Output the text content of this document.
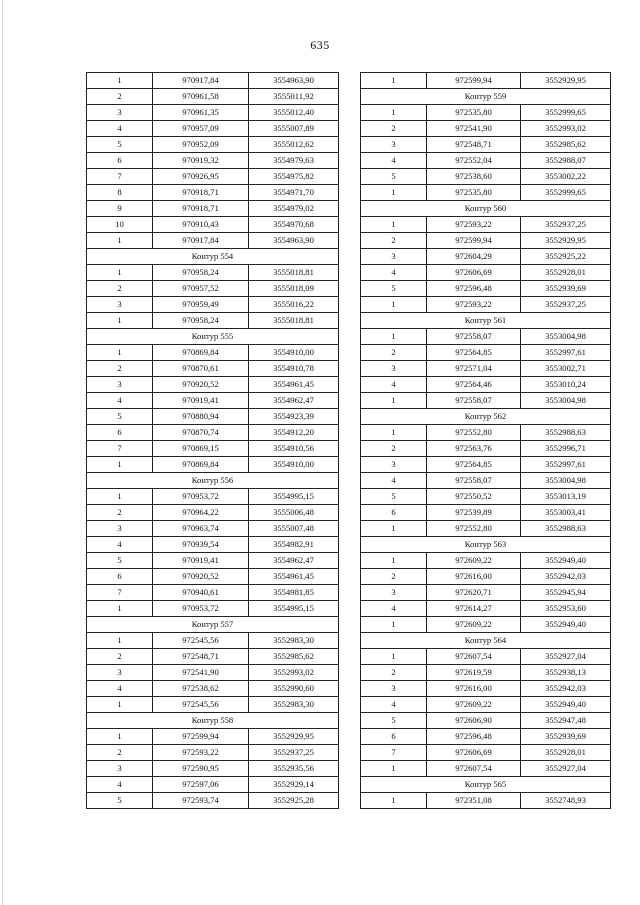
635
1	970917,84	3554963,90
2	970961,58	3555011,92
3	970961,35	3555012,40
4	970957,09	3555007,89
5	970952,09	3555012,62
6	970919,32	3554979,63
7	970926,95	3554975,82
8	970918,71	3554971,70
9	970918,71	3554979,02
10	970910,43	3554970,68
1	970917,84	3554963,90
Контур 554		
1	970958,24	3555018,81
2	970957,52	3555018,09
3	970959,49	3555016,22
1	970958,24	3555018,81
Контур 555		
1	970869,84	3554910,00
2	970870,61	3554910,78
3	970920,52	3554961,45
4	970919,41	3554962,47
5	970880,94	3554923,39
6	970870,74	3554912,20
7	970869,15	3554910,56
1	970869,84	3554910,00
Контур 556		
1	970953,72	3554995,15
2	970964,22	3555006,48
3	970963,74	3555007,48
4	970939,54	3554982,91
5	970919,41	3554962,47
6	970920,52	3554961,45
7	970940,61	3554981,85
1	970953,72	3554995,15
Контур 557		
1	972545,56	3552983,30
2	972548,71	3552985,62
3	972541,90	3552993,02
4	972538,62	3552990,60
1	972545,56	3552983,30
Контур 558		
1	972599,94	3552929,95
2	972593,22	3552937,25
3	972590,95	3552935,56
4	972597,06	3552929,14
5	972593,74	3552925,28
1	972599,94	3552929,95
Контур 559		
1	972535,80	3552999,65
2	972541,90	3552993,02
3	972548,71	3552985,62
4	972552,04	3552988,07
5	972538,60	3553002,22
1	972535,80	3552999,65
Контур 560		
1	972593,22	3552937,25
2	972599,94	3552929,95
3	972604,29	3552925,22
4	972606,69	3552928,01
5	972596,48	3552939,69
1	972593,22	3552937,25
Контур 561		
1	972558,07	3553004,98
2	972564,85	3552997,61
3	972571,04	3553002,71
4	972564,46	3553010,24
1	972558,07	3553004,98
Контур 562		
1	972552,80	3552988,63
2	972563,76	3552996,71
3	972564,85	3552997,61
4	972558,07	3553004,98
5	972550,52	3553013,19
6	972539,89	3553003,41
1	972552,80	3552988,63
Контур 563		
1	972609,22	3552949,40
2	972616,00	3552942,03
3	972620,71	3552945,94
4	972614,27	3552953,60
1	972609,22	3552949,40
Контур 564		
1	972607,54	3552927,04
2	972619,59	3552938,13
3	972616,00	3552942,03
4	972609,22	3552949,40
5	972606,90	3552947,48
6	972596,48	3552939,69
7	972606,69	3552928,01
1	972607,54	3552927,04
Контур 565		
1	972351,08	3552748,93
